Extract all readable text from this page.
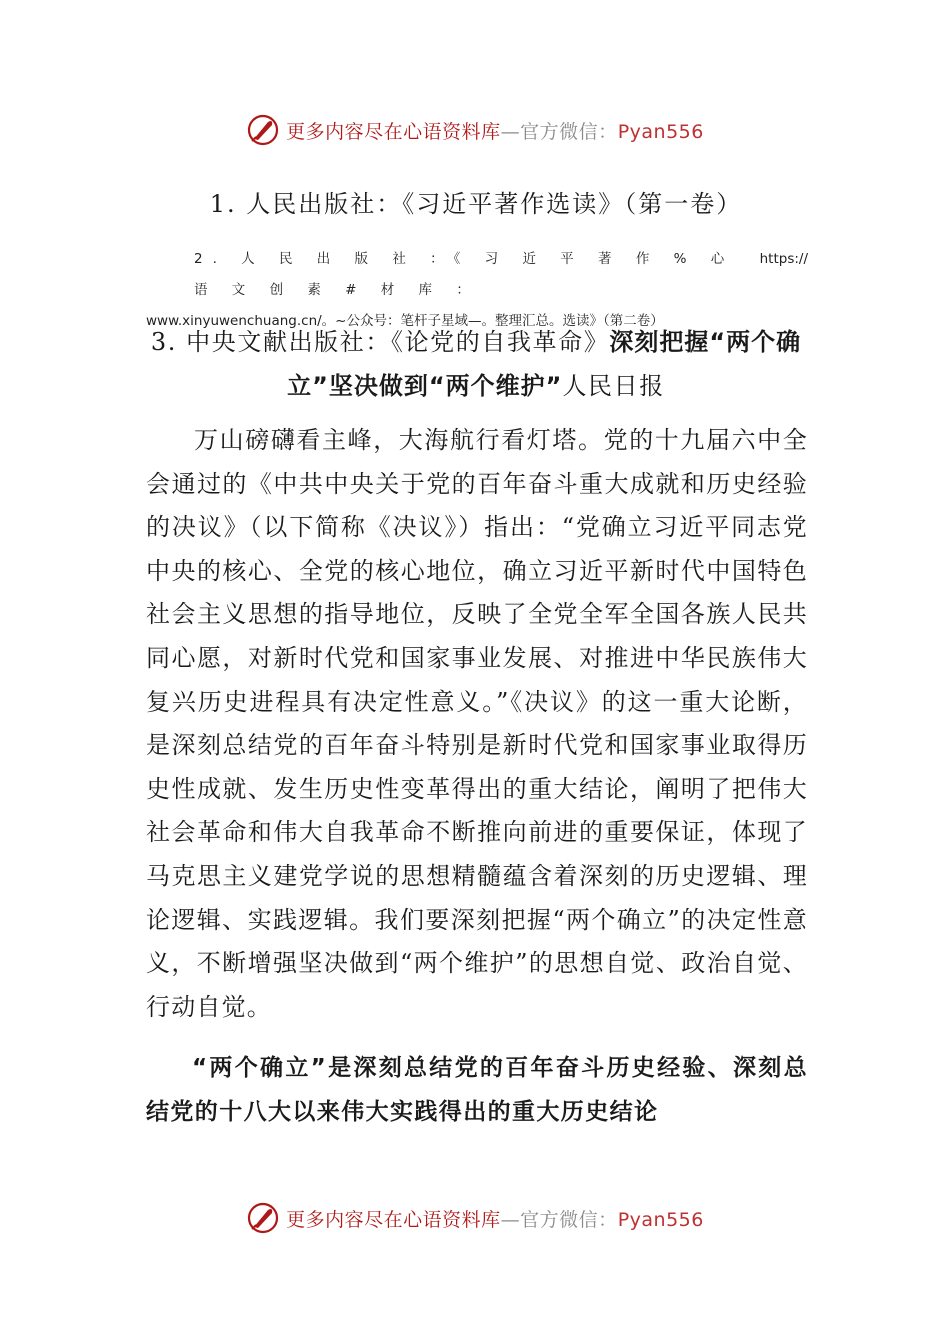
更多内容尽在心语资料库—官方微信：Pyan556
1. 人民出版社：《习近平著作选读》（第一卷）
2. 人 民 出 版 社 ：《 习 近 平 著 作 % 心 语 文 创 素 # 材 库 ：
https://
www.xinyuwenchuang.cn/。~公众号：笔杆子星域—。整理汇总。选读》（第二卷）
3. 中央文献出版社：《论党的自我革命》深刻把握“两个确立”坚决做到“两个维护”人民日报

万山磅礴看主峰，大海航行看灯塔。党的十九届六中全会通过的《中共中央关于党的百年奋斗重大成就和历史经验的决议》（以下简称《决议》）指出：“党确立习近平同志党中央的核心、全党的核心地位，确立习近平新时代中国特色社会主义思想的指导地位，反映了全党全军全国各族人民共同心愿，对新时代党和国家事业发展、对推进中华民族伟大复兴历史进程具有决定性意义。”《决议》的这一重大论断，是深刻总结党的百年奋斗特别是新时代党和国家事业取得历史性成就、发生历史性变革得出的重大结论，阐明了把伟大社会革命和伟大自我革命不断推向前进的重要保证，体现了马克思主义建党学说的思想精髓蕴含着深刻的历史逻辑、理论逻辑、实践逻辑。我们要深刻把握“两个确立”的决定性意义，不断增强坚决做到“两个维护”的思想自觉、政治自觉、行动自觉。

“两个确立”是深刻总结党的百年奋斗历史经验、深刻总结党的十八大以来伟大实践得出的重大历史结论

更多内容尽在心语资料库—官方微信：Pyan556
